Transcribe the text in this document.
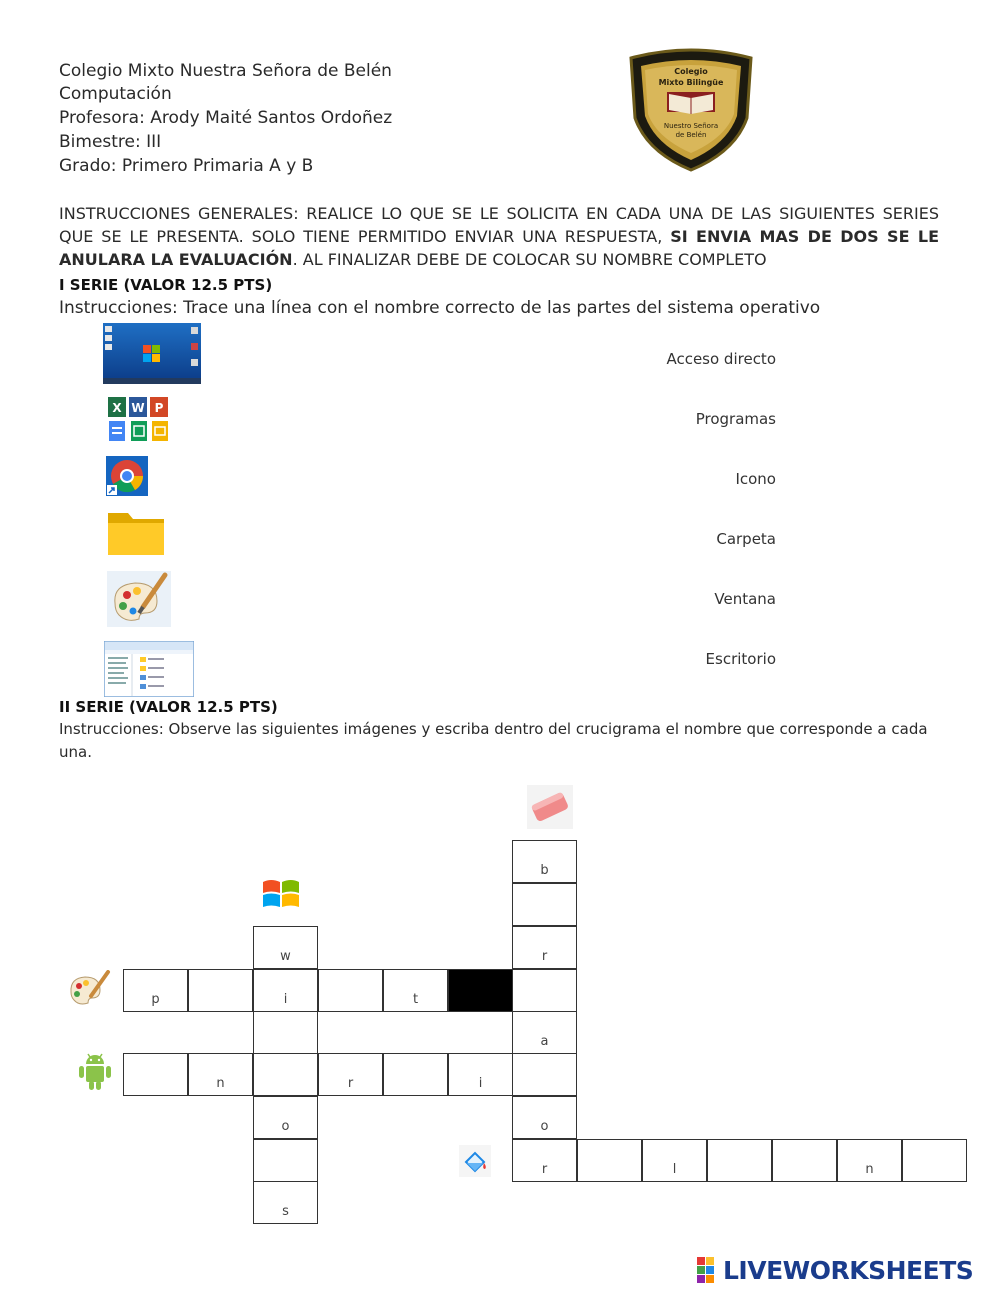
Colegio Mixto Nuestra Señora de Belén
Computación
Profesora: Arody Maité Santos Ordoñez
Bimestre: III
Grado: Primero Primaria A y B
Colegio
Mixto Bilingüe
Nuestro Señora
de Belén
INSTRUCCIONES GENERALES: REALICE LO QUE SE LE SOLICITA EN CADA UNA DE LAS SIGUIENTES SERIES QUE SE LE PRESENTA. SOLO TIENE PERMITIDO ENVIAR UNA RESPUESTA, SI ENVIA MAS DE DOS SE LE ANULARA LA EVALUACIÓN. AL FINALIZAR DEBE DE COLOCAR SU NOMBRE COMPLETO
I SERIE (VALOR 12.5 PTS)
Instrucciones: Trace una línea con el nombre correcto de las partes del sistema operativo
X W P
Acceso directo
Programas
Icono
Carpeta
Ventana
Escritorio
II SERIE (VALOR 12.5 PTS)
Instrucciones: Observe las siguientes imágenes y escriba dentro del crucigrama el nombre que corresponde a cada una.
b
r
a
o
w
o
s
p	i	t
n	r	i
r	l	n
LIVEWORKSHEETS
